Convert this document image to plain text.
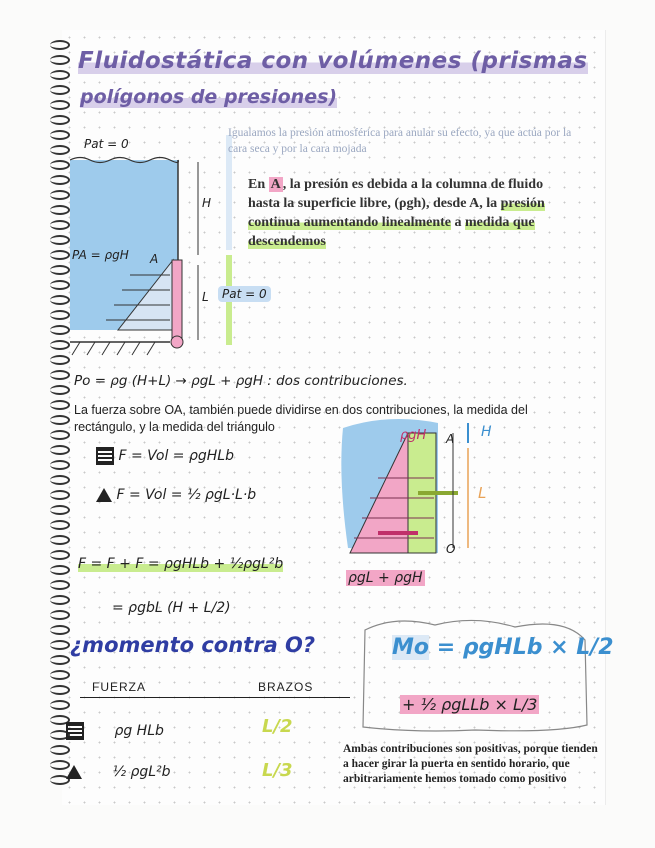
Fluidostática con volúmenes (prismas
polígonos de presiones)
Pat = 0
H
PA = ρgH A
L	Pat = 0
Igualamos la presión atmosférica para anular su efecto, ya que actúa por la cara seca y por la cara mojada
En A , la presión es debida a la columna de fluido hasta la superficie libre, (ρgh), desde A, la presión continua aumentando linealmente a medida que descendemos
Po = ρg (H+L) → ρgL + ρgH : dos contribuciones.
La fuerza sobre OA, también puede dividirse en dos contribuciones, la medida del rectángulo, y la medida del triángulo
F = Vol = ρgHLb
F = Vol = ½ ρgL·L·b
F = F + F = ρgHLb + ½ρgL²b
= ρgbL (H + L/2)
ρgH A H
L
O
ρgL + ρgH
¿momento contra O?
FUERZA	BRAZOS
ρg HLb	L/2
½ ρgL²b	L/3
Mo = ρgHLb × L/2
+ ½ ρgLLb × L/3
Ambas contribuciones son positivas, porque tienden a hacer girar la puerta en sentido horario, que arbitrariamente hemos tomado como positivo
